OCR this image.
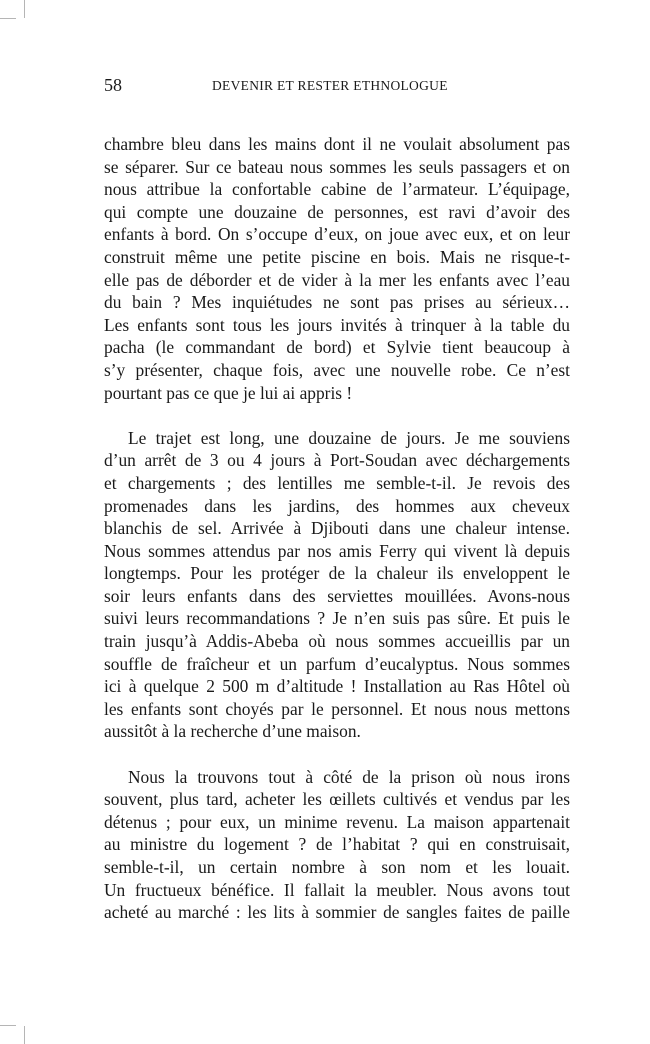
58	DEVENIR ET RESTER ETHNOLOGUE
chambre bleu dans les mains dont il ne voulait absolument pas
se séparer. Sur ce bateau nous sommes les seuls passagers et on
nous attribue la confortable cabine de l’armateur. L’équipage,
qui compte une douzaine de personnes, est ravi d’avoir des
enfants à bord. On s’occupe d’eux, on joue avec eux, et on leur
construit même une petite piscine en bois. Mais ne risque-t-
elle pas de déborder et de vider à la mer les enfants avec l’eau
du bain ? Mes inquiétudes ne sont pas prises au sérieux…
Les enfants sont tous les jours invités à trinquer à la table du
pacha (le commandant de bord) et Sylvie tient beaucoup à
s’y présenter, chaque fois, avec une nouvelle robe. Ce n’est
pourtant pas ce que je lui ai appris !
Le trajet est long, une douzaine de jours. Je me souviens
d’un arrêt de 3 ou 4 jours à Port-Soudan avec déchargements
et chargements ; des lentilles me semble-t-il. Je revois des
promenades dans les jardins, des hommes aux cheveux
blanchis de sel. Arrivée à Djibouti dans une chaleur intense.
Nous sommes attendus par nos amis Ferry qui vivent là depuis
longtemps. Pour les protéger de la chaleur ils enveloppent le
soir leurs enfants dans des serviettes mouillées. Avons-nous
suivi leurs recommandations ? Je n’en suis pas sûre. Et puis le
train jusqu’à Addis-Abeba où nous sommes accueillis par un
souffle de fraîcheur et un parfum d’eucalyptus. Nous sommes
ici à quelque 2 500 m d’altitude ! Installation au Ras Hôtel où
les enfants sont choyés par le personnel. Et nous nous mettons
aussitôt à la recherche d’une maison.
Nous la trouvons tout à côté de la prison où nous irons
souvent, plus tard, acheter les œillets cultivés et vendus par les
détenus ; pour eux, un minime revenu. La maison appartenait
au ministre du logement ? de l’habitat ? qui en construisait,
semble-t-il, un certain nombre à son nom et les louait.
Un fructueux bénéfice. Il fallait la meubler. Nous avons tout
acheté au marché : les lits à sommier de sangles faites de paille
